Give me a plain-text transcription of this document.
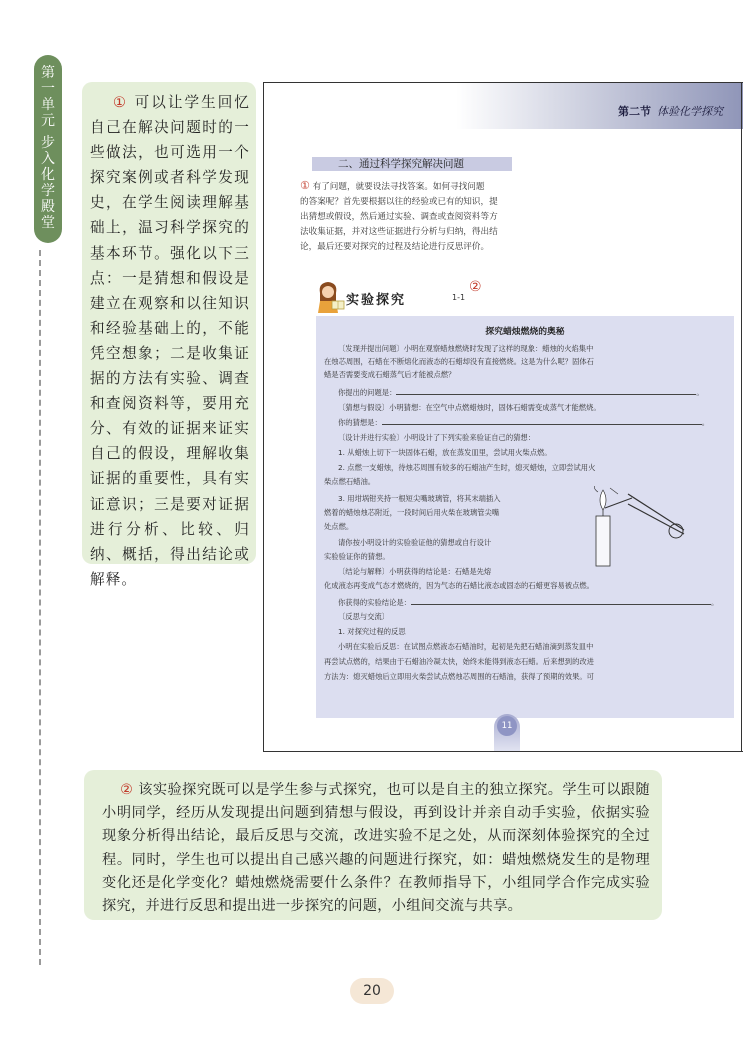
第
一
单
元
步
入
化
学
殿
堂
① 可以让学生回忆自己在解决问题时的一些做法，也可选用一个探究案例或者科学发现史，在学生阅读理解基础上，温习科学探究的基本环节。强化以下三点：一是猜想和假设是建立在观察和以往知识和经验基础上的，不能凭空想象；二是收集证据的方法有实验、调查和查阅资料等，要用充分、有效的证据来证实自己的假设，理解收集证据的重要性，具有实证意识；三是要对证据进行分析、比较、归纳、概括，得出结论或解释。
第二节 体验化学探究
二、通过科学探究解决问题
① 有了问题，就要设法寻找答案。如何寻找问题
的答案呢？首先要根据以往的经验或已有的知识，提
出猜想或假设，然后通过实验、调查或查阅资料等方
法收集证据，并对这些证据进行分析与归纳，得出结
论，最后还要对探究的过程及结论进行反思评价。
实验探究	1-1
②
探究蜡烛燃烧的奥秘
〔发现并提出问题〕小明在观察蜡烛燃烧时发现了这样的现象：蜡烛的火焰集中
在烛芯周围，石蜡在不断熔化而液态的石蜡却没有直接燃烧。这是为什么呢？固体石
蜡是否需要变成石蜡蒸气后才能被点燃？
你提出的问题是：	。
〔猜想与假设〕小明猜想：在空气中点燃蜡烛时，固体石蜡需变成蒸气才能燃烧。
你的猜想是：	。
〔设计并进行实验〕小明设计了下列实验来验证自己的猜想：
1. 从蜡烛上切下一块固体石蜡，放在蒸发皿里，尝试用火柴点燃。
2. 点燃一支蜡烛，待烛芯周围有较多的石蜡油产生时，熄灭蜡烛，立即尝试用火
柴点燃石蜡油。
3. 用坩埚钳夹持一根短尖嘴玻璃管，将其末端插入
燃着的蜡烛烛芯附近，一段时间后用火柴在玻璃管尖嘴
处点燃。
请你按小明设计的实验验证他的猜想或自行设计
实验验证你的猜想。
〔结论与解释〕小明获得的结论是：石蜡是先熔
化成液态再变成气态才燃烧的，因为气态的石蜡比液态或固态的石蜡更容易被点燃。
你获得的实验结论是：	。
〔反思与交流〕
1. 对探究过程的反思
小明在实验后反思：在试图点燃液态石蜡油时，起初是先把石蜡油滴到蒸发皿中
再尝试点燃的，结果由于石蜡油冷凝太快，始终未能得到液态石蜡。后来想到的改进
方法为：熄灭蜡烛后立即用火柴尝试点燃烛芯周围的石蜡油，获得了预期的效果。可
11
② 该实验探究既可以是学生参与式探究，也可以是自主的独立探究。学生可以跟随小明同学，经历从发现提出问题到猜想与假设，再到设计并亲自动手实验，依据实验现象分析得出结论，最后反思与交流，改进实验不足之处，从而深刻体验探究的全过程。同时，学生也可以提出自己感兴趣的问题进行探究，如：蜡烛燃烧发生的是物理变化还是化学变化？蜡烛燃烧需要什么条件？在教师指导下，小组同学合作完成实验探究，并进行反思和提出进一步探究的问题，小组间交流与共享。
20
